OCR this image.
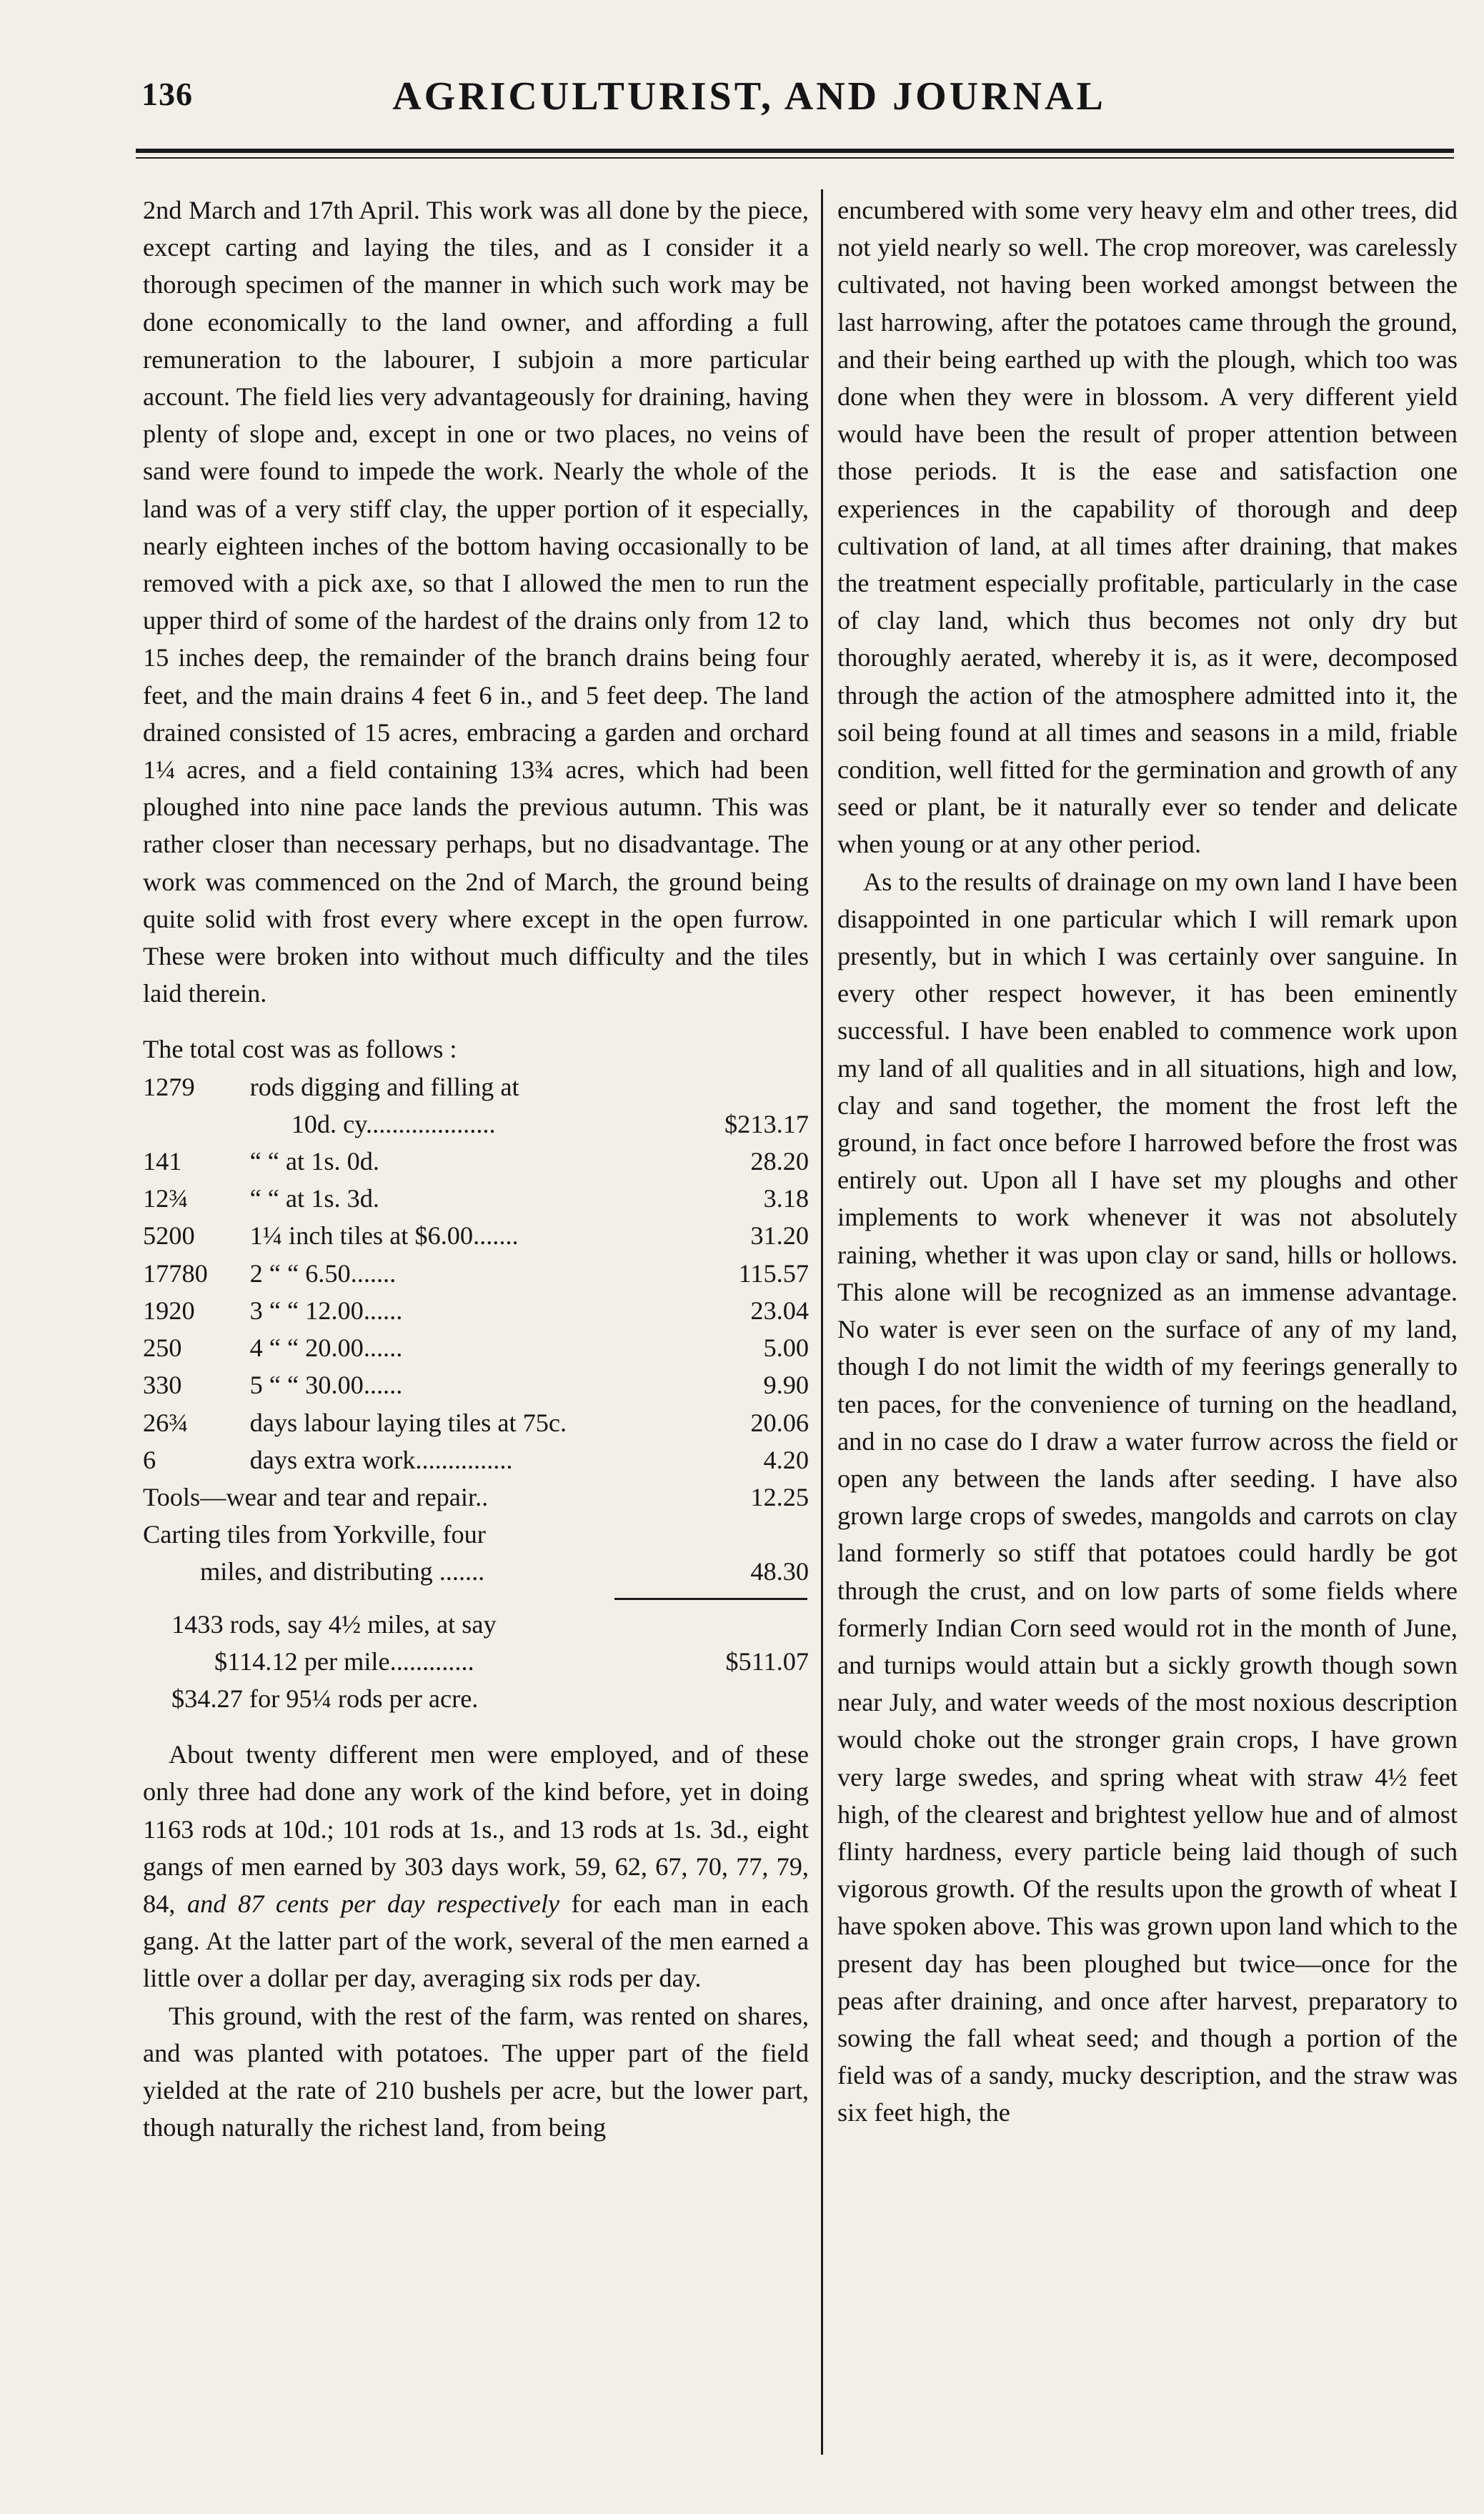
136	AGRICULTURIST, AND JOURNAL

2nd March and 17th April. This work was all done by the piece, except carting and laying the tiles, and as I consider it a thorough specimen of the manner in which such work may be done economically to the land owner, and affording a full remuneration to the labourer, I subjoin a more particular account. The field lies very advantageously for draining, having plenty of slope and, except in one or two places, no veins of sand were found to impede the work. Nearly the whole of the land was of a very stiff clay, the upper portion of it especially, nearly eighteen inches of the bottom having occasionally to be removed with a pick axe, so that I allowed the men to run the upper third of some of the hardest of the drains only from 12 to 15 inches deep, the remainder of the branch drains being four feet, and the main drains 4 feet 6 in., and 5 feet deep. The land drained consisted of 15 acres, embracing a garden and orchard 1¼ acres, and a field containing 13¾ acres, which had been ploughed into nine pace lands the previous autumn. This was rather closer than necessary perhaps, but no disadvantage. The work was commenced on the 2nd of March, the ground being quite solid with frost every where except in the open furrow. These were broken into without much difficulty and the tiles laid therein.

The total cost was as follows :

1279	rods digging and filling at	
	10d. cy....................	$213.17
141	“ “ at 1s. 0d.	28.20
12¾	“ “ at 1s. 3d.	3.18
5200	1¼ inch tiles at $6.00.......	31.20
17780	2 “ “ 6.50.......	115.57
1920	3 “ “ 12.00......	23.04
250	4 “ “ 20.00......	5.00
330	5 “ “ 30.00......	9.90
26¾	days labour laying tiles at 75c.	20.06
6	days extra work...............	4.20
Tools—wear and tear and repair..		12.25
Carting tiles from Yorkville, four		
miles, and distributing .......		48.30

1433 rods, say 4½ miles, at say

$114.12 per mile.............	$511.07

$34.27 for 95¼ rods per acre.

About twenty different men were employed, and of these only three had done any work of the kind before, yet in doing 1163 rods at 10d.; 101 rods at 1s., and 13 rods at 1s. 3d., eight gangs of men earned by 303 days work, 59, 62, 67, 70, 77, 79, 84, and 87 cents per day respectively for each man in each gang. At the latter part of the work, several of the men earned a little over a dollar per day, averaging six rods per day.

This ground, with the rest of the farm, was rented on shares, and was planted with potatoes. The upper part of the field yielded at the rate of 210 bushels per acre, but the lower part, though naturally the richest land, from being

encumbered with some very heavy elm and other trees, did not yield nearly so well. The crop moreover, was carelessly cultivated, not having been worked amongst between the last harrowing, after the potatoes came through the ground, and their being earthed up with the plough, which too was done when they were in blossom. A very different yield would have been the result of proper attention between those periods. It is the ease and satisfaction one experiences in the capability of thorough and deep cultivation of land, at all times after draining, that makes the treatment especially profitable, particularly in the case of clay land, which thus becomes not only dry but thoroughly aerated, whereby it is, as it were, decomposed through the action of the atmosphere admitted into it, the soil being found at all times and seasons in a mild, friable condition, well fitted for the germination and growth of any seed or plant, be it naturally ever so tender and delicate when young or at any other period.

As to the results of drainage on my own land I have been disappointed in one particular which I will remark upon presently, but in which I was certainly over sanguine. In every other respect however, it has been eminently successful. I have been enabled to commence work upon my land of all qualities and in all situations, high and low, clay and sand together, the moment the frost left the ground, in fact once before I harrowed before the frost was entirely out. Upon all I have set my ploughs and other implements to work whenever it was not absolutely raining, whether it was upon clay or sand, hills or hollows. This alone will be recognized as an immense advantage. No water is ever seen on the surface of any of my land, though I do not limit the width of my feerings generally to ten paces, for the convenience of turning on the headland, and in no case do I draw a water furrow across the field or open any between the lands after seeding. I have also grown large crops of swedes, mangolds and carrots on clay land formerly so stiff that potatoes could hardly be got through the crust, and on low parts of some fields where formerly Indian Corn seed would rot in the month of June, and turnips would attain but a sickly growth though sown near July, and water weeds of the most noxious description would choke out the stronger grain crops, I have grown very large swedes, and spring wheat with straw 4½ feet high, of the clearest and brightest yellow hue and of almost flinty hardness, every particle being laid though of such vigorous growth. Of the results upon the growth of wheat I have spoken above. This was grown upon land which to the present day has been ploughed but twice—once for the peas after draining, and once after harvest, preparatory to sowing the fall wheat seed; and though a portion of the field was of a sandy, mucky description, and the straw was six feet high, the
